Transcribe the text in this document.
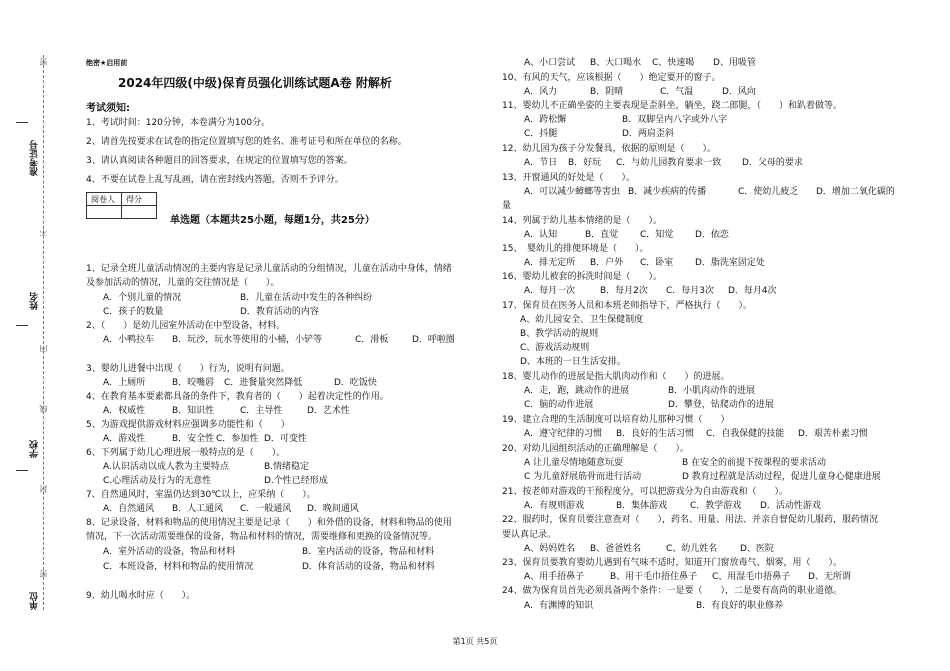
密
准考证号
不
姓名
内
线
学校
封
密
单位
绝密★启用前
2024年四级(中级)保育员强化训练试题A卷 附解析
考试须知:
1、考试时间：120分钟，本卷满分为100分。
2、请首先按要求在试卷的指定位置填写您的姓名、准考证号和所在单位的名称。
3、请认真阅读各种题目的回答要求，在规定的位置填写您的答案。
4、不要在试卷上乱写乱画，请在密封线内答题，否则不予评分。
阅卷人	得分

单选题（本题共25小题，每题1分，共25分）
1、记录全班儿童活动情况的主要内容是记录儿童活动的分组情况，儿童在活动中身体，情绪
及参加活动的情况，儿童的交往情况是（　　）。
A．个别儿童的情况	B．儿童在活动中发生的各种纠纷
C．孩子的数量	D．教育活动的内容
2、（　　）是幼儿园室外活动在中型设备，材料。
A．小鸭拉车 B．玩沙，玩水等使用的小桶，小铲等	C．滑板	D．呼啦圈
3、婴幼儿进餐中出现（　　）行为，说明有问题。
A．上厕所	B．咬嘴唇 C．进餐量突然降低	D．吃饭快
4、在教育基本要素都具备的条件下，教育者的（　　）起着决定性的作用。
A．权威性	B．知识性	C．主导性	D．艺术性
5、为游戏提供游戏材料应强调多功能性和（　　）
A．游戏性	B．安全性 C．参加性 D．可变性
6、下列属于幼儿心理进展一般特点的是（　　）。
A.认识活动以成人教为主要特点	B.情绪稳定
C.心理活动及行为的无意性	D.个性已经形成
7、自然通风时，室温仍达到30℃以上，应采纳（　　）。
A．自然通风 B．人工通风 C．一般通风 D．晚间通风
8、记录设备，材料和物品的使用情况主要是记录（　　）和外借的设备，材料和物品的使用
情况，下一次活动需要维保的设备，物品和材料的情况，需要维修和更换的设备情况等。
A．室外活动的设备，物品和材料	B．室内活动的设备，物品和材料
C．本班设备，材料和物品的使用情况	D．体育活动的设备，物品和材料
9、幼儿喝水时应（　　）。
A、小口尝试 B、大口喝水 C、快速喝 D、用吸管
10、有风的天气，应该根据（　　）绝定要开的窗子。
A．风力	B．阴晴	C．气温	D．风向
11、婴幼儿不正确坐姿的主要表现是歪斜坐，躺坐，跷二郎腿，（　　）和趴着做等。
A．跨松懈	B．双脚呈内八字或外八字
C．抖腿	D．两肩歪斜
12、幼儿园为孩子分发餐具，依据的原则是（　　）。
A．节日 B．好玩 C．与幼儿园教育要求一致 D．父母的要求
13、开窗通风的好处是（　　）。
A．可以减少蟑螂等害虫 B．减少疾病的传播	C．使幼儿疲乏 D．增加二氧化碳的
量
14、列属于幼儿基本情绪的是（　　）。
A．认知	B．直觉 C．知觉 D．依恋
15、　婴幼儿的排便环境是（　　）。
A．排无定所 B．户外 C．卧室 D．脂洗室固定处
16、婴幼儿被套的拆洗时间是（　　）。
A．每月一次	B．每月2次 C．每月3次 D．每月4次
17、保育员在医务人员和本班老师指导下，严格执行（　　）。
A、幼儿园安全、卫生保健制度
B、教学活动的规则
C、游戏活动规则
D、本班的一日生活安排。
18、婴儿动作的进展是指大肌肉动作和（　　）的进展。
A．走，跑，跳动作的进展	B．小肌肉动作的进展
C．脑的动作进展	D．攀登，钻爬动作的进展
19、建立合理的生活制度可以培育幼儿那种习惯（　　）
A．遵守纪律的习惯 B．良好的生活习惯 C．自我保健的技能 D．艰苦朴素习惯
20、对幼儿园组织活动的正确理解是（　　）。
A 让儿童尽情地随意玩耍	B 在安全的前提下按课程的要求活动
C 为儿童舒展筋骨而进行活动	D 教育过程就是活动过程，促进儿童身心健康进展
21、按老师对游戏的干预程度分，可以把游戏分为自由游戏和（　　）。
A．有规则游戏	B．集体游戏	C．教学游戏 D．活动性游戏
22、服药时，保育员要注意查对（　　），药名、用量、用法、并亲自督促幼儿服药，服药情况
要认真记录。
A、妈妈姓名 B、爸爸姓名	C、幼儿姓名	D、医院
23、保育员要教育婴幼儿遇到有气味不适时，知道开门窗放毒气、烟雾，用（　　）。
A、用手捂鼻子	B、用干毛巾捂住鼻子 C、用湿毛巾捂鼻子 D、无所谓
24、做为保育员首先必须具备两个条件：一是要（　　），二是要有高尚的职业道德。
A．有渊博的知识	B．有良好的职业修养
第1页 共5页
